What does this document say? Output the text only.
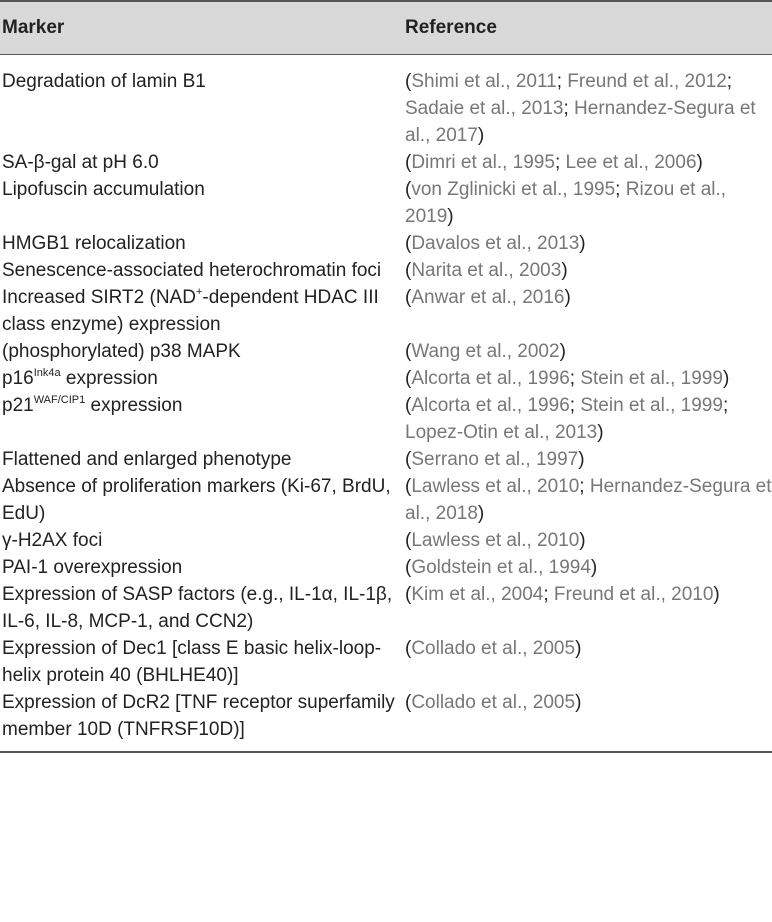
Marker	Reference
Degradation of lamin B1	(Shimi et al., 2011; Freund et al., 2012; Sadaie et al., 2013; Hernandez-Segura et al., 2017)
SA-β-gal at pH 6.0	(Dimri et al., 1995; Lee et al., 2006)
Lipofuscin accumulation	(von Zglinicki et al., 1995; Rizou et al., 2019)
HMGB1 relocalization	(Davalos et al., 2013)
Senescence-associated heterochromatin foci	(Narita et al., 2003)
Increased SIRT2 (NAD+-dependent HDAC III class enzyme) expression	(Anwar et al., 2016)
(phosphorylated) p38 MAPK	(Wang et al., 2002)
$p16^{Ink4a}$ expression	(Alcorta et al., 1996; Stein et al., 1999)
$p21^{WAF/CIP1}$ expression	(Alcorta et al., 1996; Stein et al., 1999; Lopez-Otin et al., 2013)
Flattened and enlarged phenotype	(Serrano et al., 1997)
Absence of proliferation markers (Ki-67, BrdU, EdU)	(Lawless et al., 2010; Hernandez-Segura et al., 2018)
γ-H2AX foci	(Lawless et al., 2010)
PAI-1 overexpression	(Goldstein et al., 1994)
Expression of SASP factors (e.g., IL-1α, IL-1β, IL-6, IL-8, MCP-1, and CCN2)	(Kim et al., 2004; Freund et al., 2010)
Expression of Dec1 [class E basic helix-loop-helix protein 40 (BHLHE40)]	(Collado et al., 2005)
Expression of DcR2 [TNF receptor superfamily member 10D (TNFRSF10D)]	(Collado et al., 2005)
